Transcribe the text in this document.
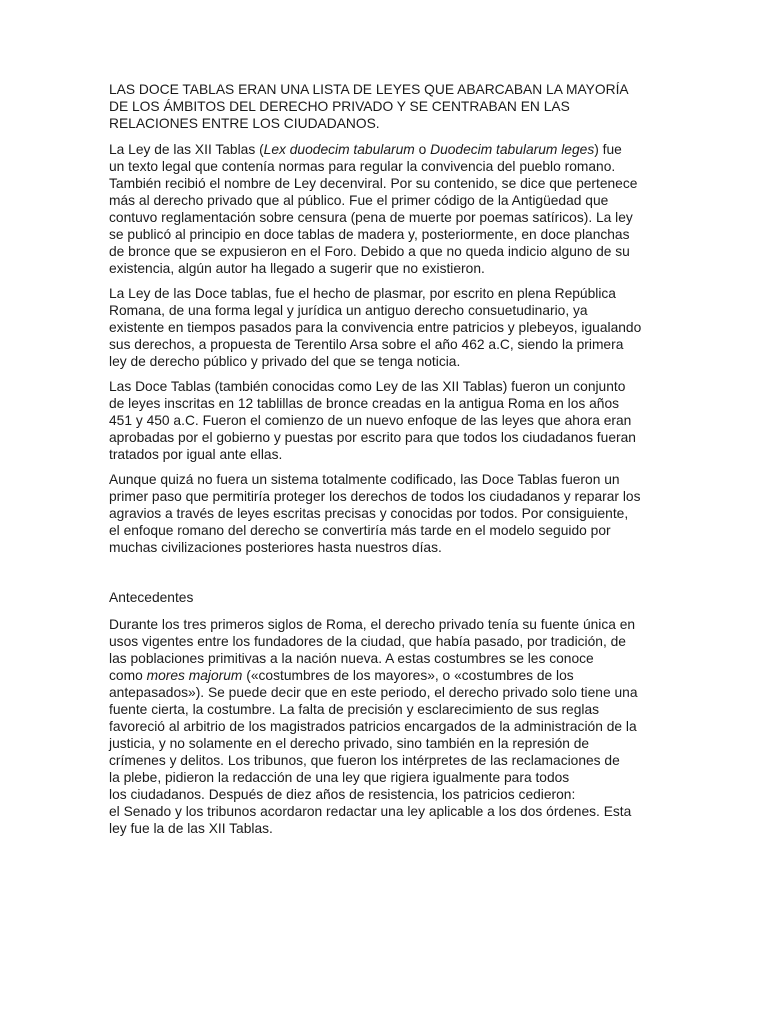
LAS DOCE TABLAS ERAN UNA LISTA DE LEYES QUE ABARCABAN LA MAYORÍA
DE LOS ÁMBITOS DEL DERECHO PRIVADO Y SE CENTRABAN EN LAS
RELACIONES ENTRE LOS CIUDADANOS.
La Ley de las XII Tablas (Lex duodecim tabularum o Duodecim tabularum leges) fue
un texto legal que contenía normas para regular la convivencia del pueblo romano.
También recibió el nombre de Ley decenviral. Por su contenido, se dice que pertenece
más al derecho privado que al público. Fue el primer código de la Antigüedad que
contuvo reglamentación sobre censura (pena de muerte por poemas satíricos). La ley
se publicó al principio en doce tablas de madera y, posteriormente, en doce planchas
de bronce que se expusieron en el Foro. Debido a que no queda indicio alguno de su
existencia, algún autor ha llegado a sugerir que no existieron.
La Ley de las Doce tablas, fue el hecho de plasmar, por escrito en plena República
Romana, de una forma legal y jurídica un antiguo derecho consuetudinario, ya
existente en tiempos pasados para la convivencia entre patricios y plebeyos, igualando
sus derechos, a propuesta de Terentilo Arsa sobre el año 462 a.C, siendo la primera
ley de derecho público y privado del que se tenga noticia.
Las Doce Tablas (también conocidas como Ley de las XII Tablas) fueron un conjunto
de leyes inscritas en 12 tablillas de bronce creadas en la antigua Roma en los años
451 y 450 a.C. Fueron el comienzo de un nuevo enfoque de las leyes que ahora eran
aprobadas por el gobierno y puestas por escrito para que todos los ciudadanos fueran
tratados por igual ante ellas.
Aunque quizá no fuera un sistema totalmente codificado, las Doce Tablas fueron un
primer paso que permitiría proteger los derechos de todos los ciudadanos y reparar los
agravios a través de leyes escritas precisas y conocidas por todos. Por consiguiente,
el enfoque romano del derecho se convertiría más tarde en el modelo seguido por
muchas civilizaciones posteriores hasta nuestros días.
Antecedentes
Durante los tres primeros siglos de Roma, el derecho privado tenía su fuente única en
usos vigentes entre los fundadores de la ciudad, que había pasado, por tradición, de
las poblaciones primitivas a la nación nueva. A estas costumbres se les conoce
como mores majorum («costumbres de los mayores», o «costumbres de los
antepasados»). Se puede decir que en este periodo, el derecho privado solo tiene una
fuente cierta, la costumbre. La falta de precisión y esclarecimiento de sus reglas
favoreció al arbitrio de los magistrados patricios encargados de la administración de la
justicia, y no solamente en el derecho privado, sino también en la represión de
crímenes y delitos. Los tribunos, que fueron los intérpretes de las reclamaciones de
la plebe, pidieron la redacción de una ley que rigiera igualmente para todos
los ciudadanos. Después de diez años de resistencia, los patricios cedieron:
el Senado y los tribunos acordaron redactar una ley aplicable a los dos órdenes. Esta
ley fue la de las XII Tablas.
